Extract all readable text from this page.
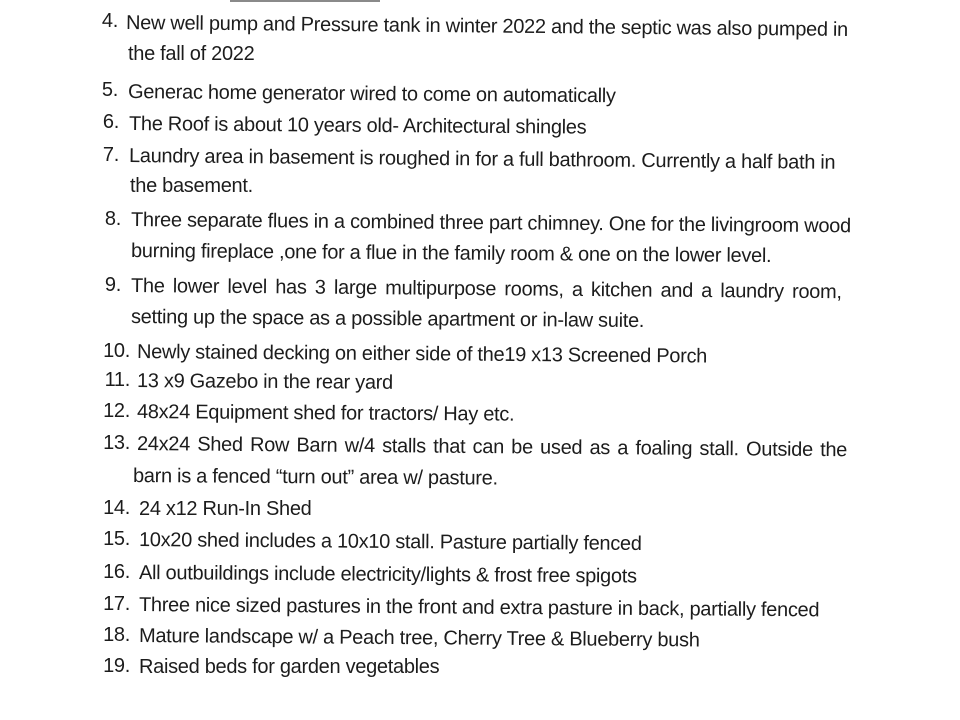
4. New well pump and Pressure tank in winter 2022 and the septic was also pumped in
the fall of 2022
5. Generac home generator wired to come on automatically
6. The Roof is about 10 years old- Architectural shingles
7. Laundry area in basement is roughed in for a full bathroom. Currently a half bath in
the basement.
8. Three separate flues in a combined three part chimney. One for the livingroom wood
burning fireplace ,one for a flue in the family room & one on the lower level.
9. The lower level has 3 large multipurpose rooms, a kitchen and a laundry room,
setting up the space as a possible apartment or in-law suite.
10. Newly stained decking on either side of the19 x13 Screened Porch
11. 13 x9 Gazebo in the rear yard
12. 48x24 Equipment shed for tractors/ Hay etc.
13. 24x24 Shed Row Barn w/4 stalls that can be used as a foaling stall. Outside the
barn is a fenced “turn out” area w/ pasture.
14. 24 x12 Run-In Shed
15. 10x20 shed includes a 10x10 stall. Pasture partially fenced
16. All outbuildings include electricity/lights & frost free spigots
17. Three nice sized pastures in the front and extra pasture in back, partially fenced
18. Mature landscape w/ a Peach tree, Cherry Tree & Blueberry bush
19. Raised beds for garden vegetables
